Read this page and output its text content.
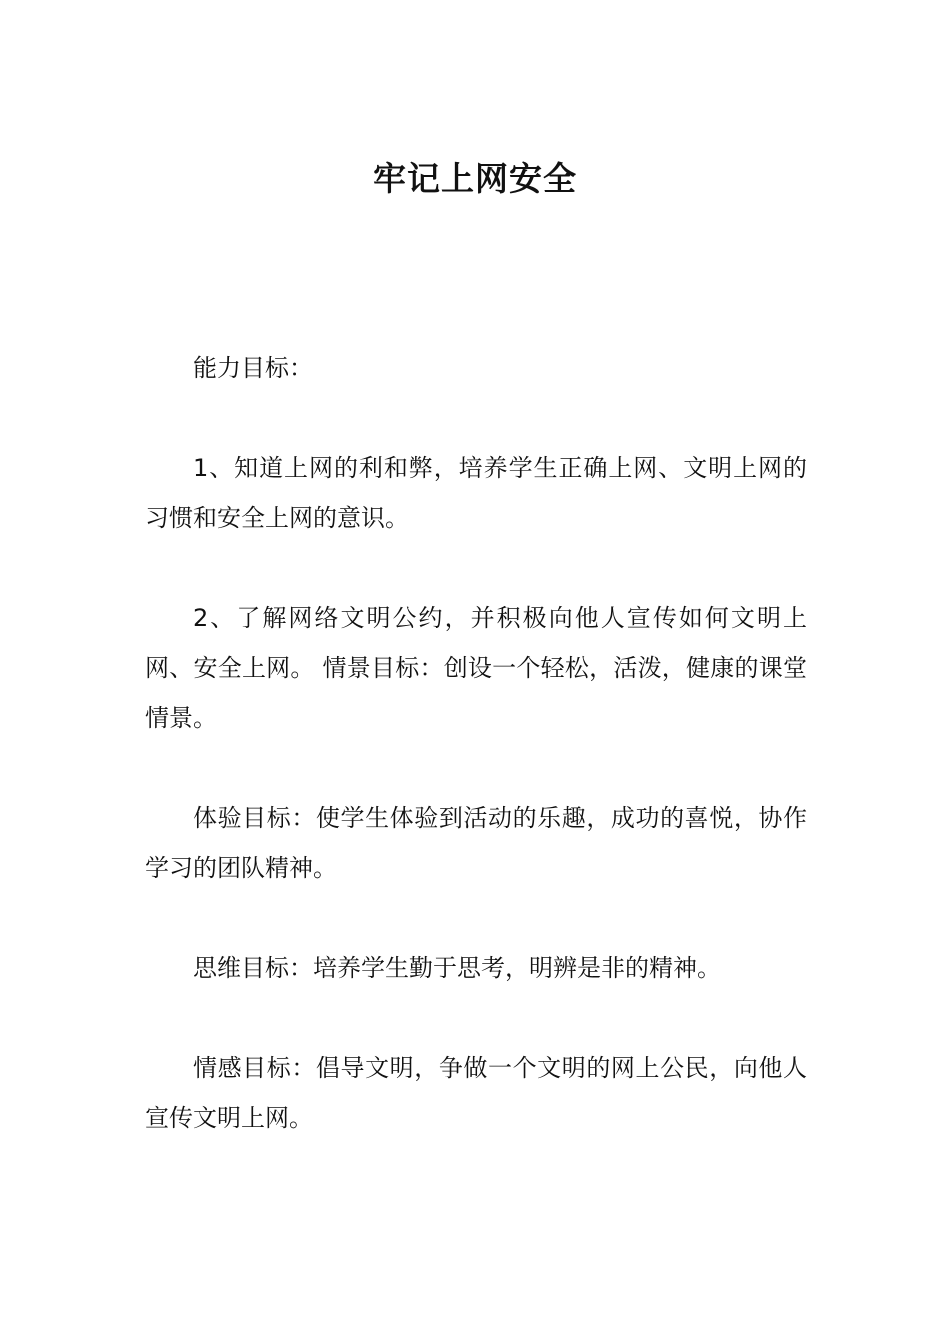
牢记上网安全

能力目标：

1、知道上网的利和弊，培养学生正确上网、文明上网的习惯和安全上网的意识。

2、了解网络文明公约，并积极向他人宣传如何文明上网、安全上网。 情景目标：创设一个轻松，活泼，健康的课堂情景。

体验目标：使学生体验到活动的乐趣，成功的喜悦，协作学习的团队精神。

思维目标：培养学生勤于思考，明辨是非的精神。

情感目标：倡导文明，争做一个文明的网上公民，向他人宣传文明上网。
